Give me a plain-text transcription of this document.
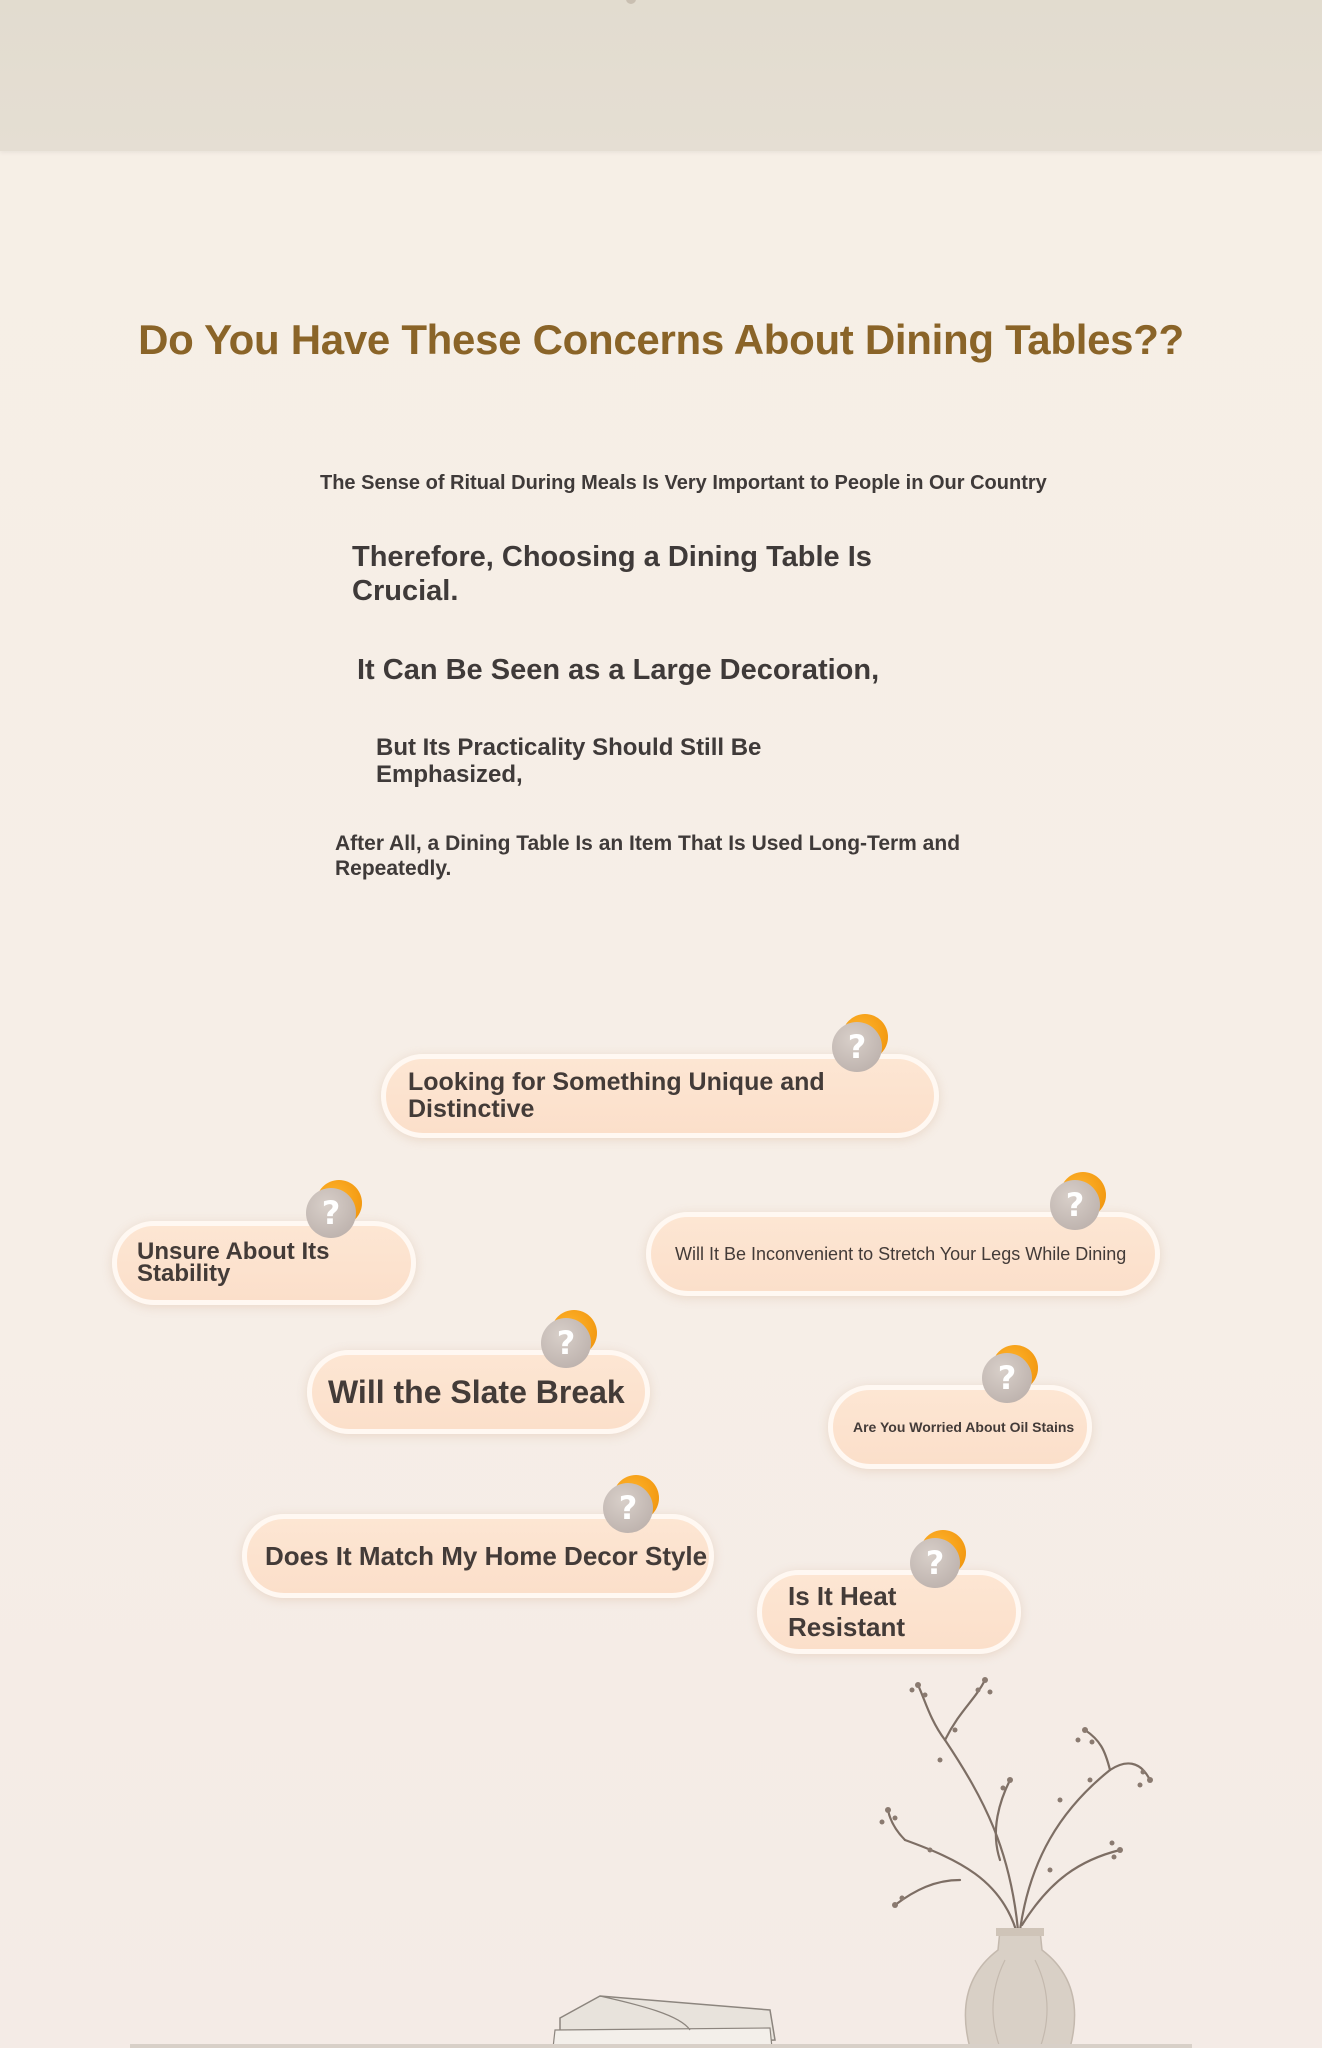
Do You Have These Concerns About Dining Tables??

The Sense of Ritual During Meals Is Very Important to People in Our Country

Therefore, Choosing a Dining Table Is Crucial.

It Can Be Seen as a Large Decoration,

But Its Practicality Should Still Be Emphasized,

After All, a Dining Table Is an Item That Is Used Long-Term and Repeatedly.

Looking for Something Unique and Distinctive
?
Unsure About Its Stability
?
Will It Be Inconvenient to Stretch Your Legs While Dining
?
Will the Slate Break
?
Are You Worried About Oil Stains
?
Does It Match My Home Decor Style
?
Is It Heat Resistant
?
